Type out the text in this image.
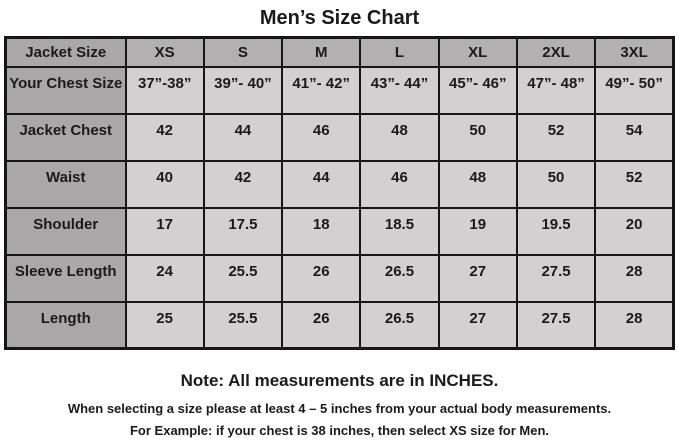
Men’s Size Chart
Jacket Size	XS	S	M	L	XL	2XL	3XL
Your Chest Size	37”-38”	39”- 40”	41”- 42”	43”- 44”	45”- 46”	47”- 48”	49”- 50”
Jacket Chest	42	44	46	48	50	52	54
Waist	40	42	44	46	48	50	52
Shoulder	17	17.5	18	18.5	19	19.5	20
Sleeve Length	24	25.5	26	26.5	27	27.5	28
Length	25	25.5	26	26.5	27	27.5	28

Note: All measurements are in INCHES.

When selecting a size please at least 4 – 5 inches from your actual body measurements.

For Example: if your chest is 38 inches, then select XS size for Men.
